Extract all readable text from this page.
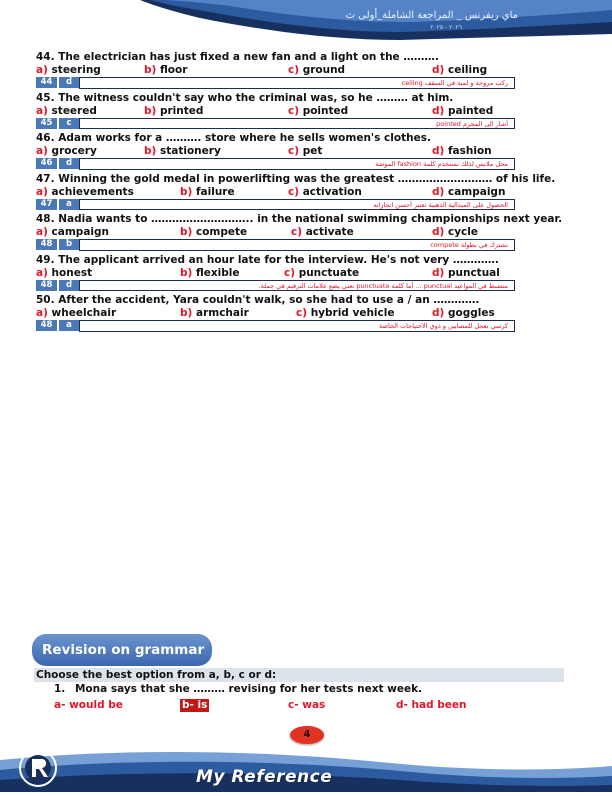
ماي ريفرنس _ المراجعة الشاملة_أولى ث
٢٠٢٦ - ٢٠٢٥
44. The electrician has just fixed a new fan and a light on the ……….
a) steering	b) floor	c) ground	d) ceiling
44	d	ركب مروحة و لمبة في السقف ceiling
45. The witness couldn't say who the criminal was, so he ……… at him.
a) steered	b) printed	c) pointed	d) painted
45	c	أشار الى المجرم pointed
46. Adam works for a ………. store where he sells women's clothes.
a) grocery	b) stationery	c) pet	d) fashion
46	d	محل ملابس لذلك نستخدم كلمة fashion الموضة
47. Winning the gold medal in powerlifting was the greatest ……………………… of his life.
a) achievements	b) failure	c) activation	d) campaign
47	a	الحصول على الميدالية الذهبية تعتبر أحسن انجازاته
48. Nadia wants to ……………………….. in the national swimming championships next year.
a) campaign	b) compete	c) activate	d) cycle
48	b	تشترك في بطولة compete
49. The applicant arrived an hour late for the interview. He's not very ………….
a) honest	b) flexible	c) punctuate	d) punctual
48	d	منضبط في المواعيد punctual ... أما كلمة punctuate تعني يضع علامات الترقيم في جملة.
50. After the accident, Yara couldn't walk, so she had to use a / an ………….
a) wheelchair	b) armchair	c) hybrid vehicle	d) goggles
48	a	كرسي بعجل للمصابين و ذوي الاحتياجات الخاصة
Revision on grammar
Choose the best option from a, b, c or d:
1. Mona says that she ……… revising for her tests next week.
a- would be	b- is	c- was	d- had been
4
My Reference
